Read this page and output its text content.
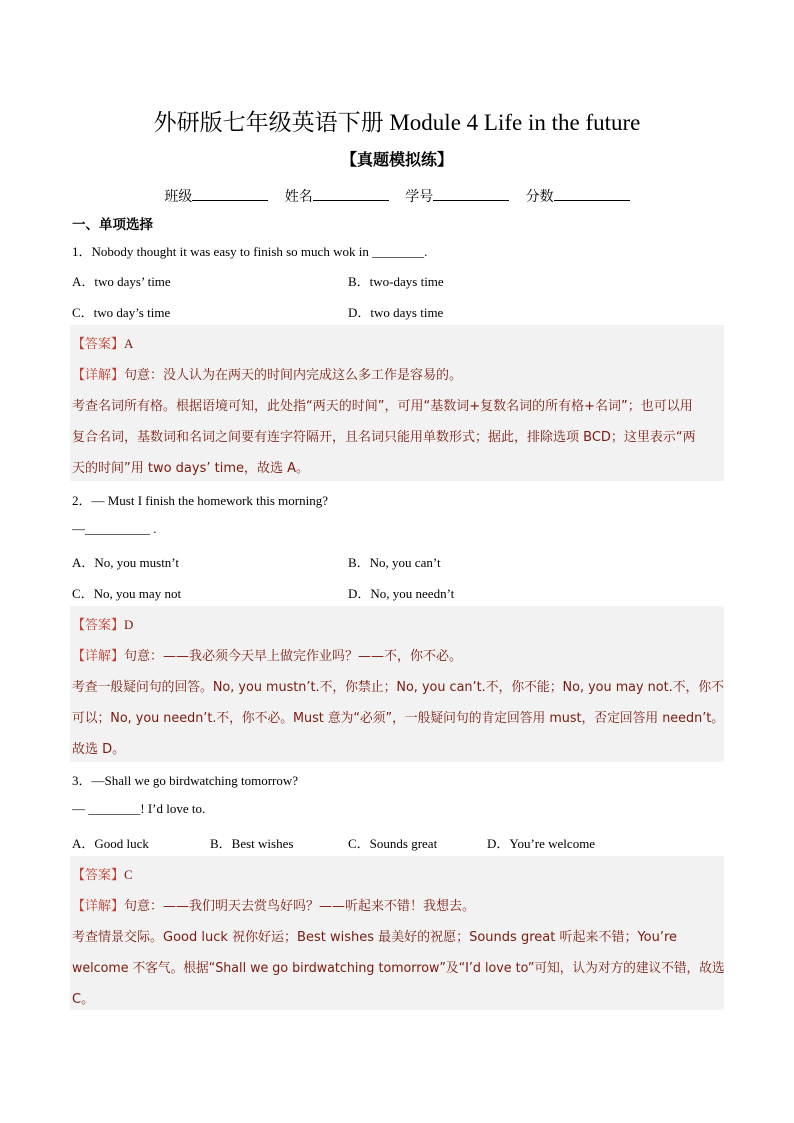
外研版七年级英语下册 Module 4 Life in the future
【真题模拟练】
班级	姓名	学号	分数
一、单项选择
1．Nobody thought it was easy to finish so much wok in ________.
A．two days’ time	B．two-days time
C．two day’s time	D．two days time
【答案】A
【详解】句意：没人认为在两天的时间内完成这么多工作是容易的。
考查名词所有格。根据语境可知，此处指“两天的时间”，可用“基数词+复数名词的所有格+名词”；也可以用
复合名词，基数词和名词之间要有连字符隔开，且名词只能用单数形式；据此，排除选项 BCD；这里表示“两
天的时间”用 two days’ time，故选 A。
2．— Must I finish the homework this morning?
—__________ .
A．No, you mustn’t	B．No, you can’t
C．No, you may not	D．No, you needn’t
【答案】D
【详解】句意：——我必须今天早上做完作业吗？——不，你不必。
考查一般疑问句的回答。No, you mustn’t.不，你禁止；No, you can’t.不，你不能；No, you may not.不，你不
可以；No, you needn’t.不，你不必。Must 意为“必须”，一般疑问句的肯定回答用 must，否定回答用 needn’t。
故选 D。
3．—Shall we go birdwatching tomorrow?
— ________! I’d love to.
A．Good luck	B．Best wishes	C．Sounds great	D．You’re welcome
【答案】C
【详解】句意：——我们明天去赏鸟好吗？——听起来不错！我想去。
考查情景交际。Good luck 祝你好运；Best wishes 最美好的祝愿；Sounds great 听起来不错；You’re
welcome 不客气。根据“Shall we go birdwatching tomorrow”及“I’d love to”可知，认为对方的建议不错，故选
C。
